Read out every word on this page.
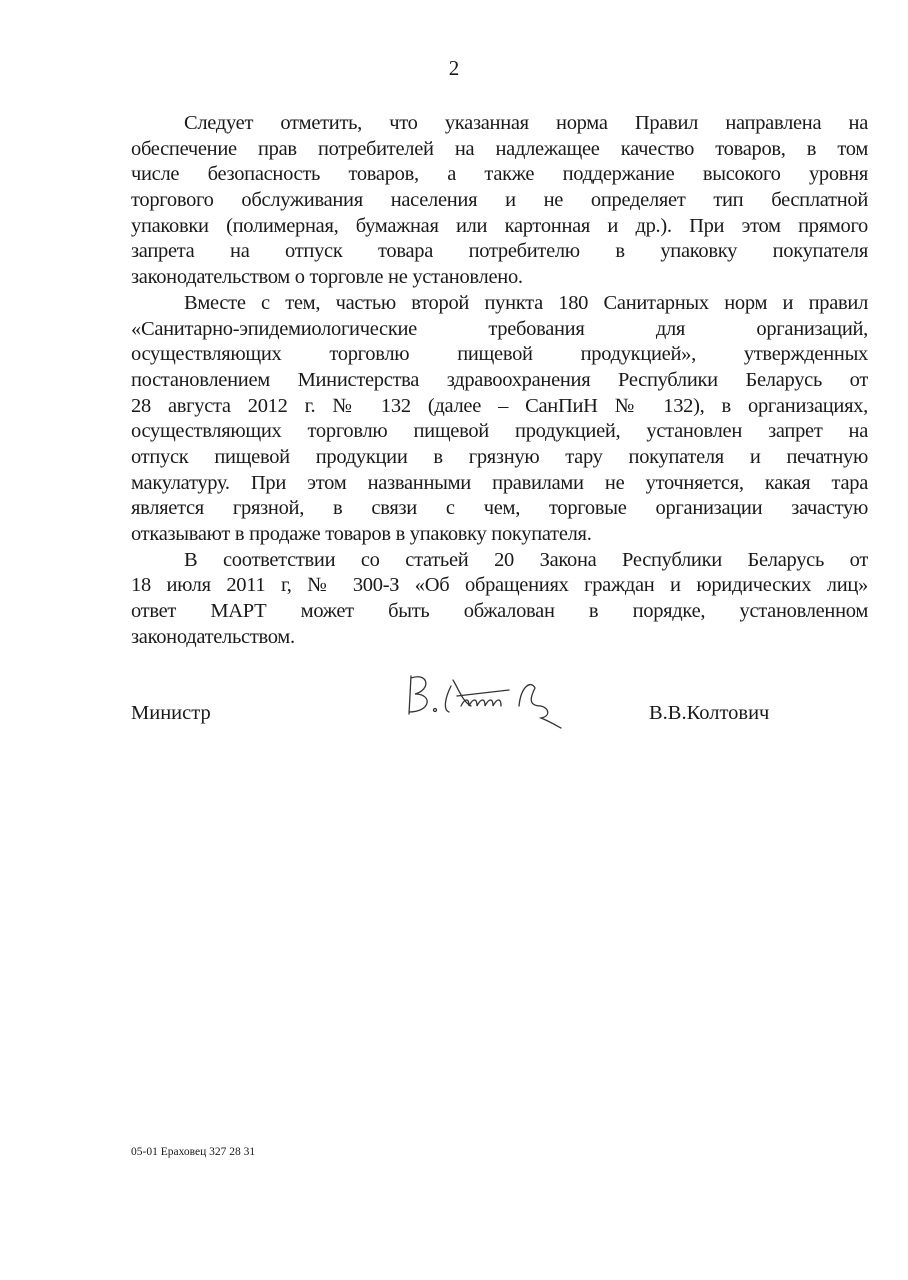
2
Следует отметить, что указанная норма Правил направлена на
обеспечение прав потребителей на надлежащее качество товаров, в том
числе безопасность товаров, а также поддержание высокого уровня
торгового обслуживания населения и не определяет тип бесплатной
упаковки (полимерная, бумажная или картонная и др.). При этом прямого
запрета на отпуск товара потребителю в упаковку покупателя
законодательством о торговле не установлено.
Вместе с тем, частью второй пункта 180 Санитарных норм и правил
«Санитарно-эпидемиологические требования для организаций,
осуществляющих торговлю пищевой продукцией», утвержденных
постановлением Министерства здравоохранения Республики Беларусь от
28 августа 2012 г. № 132 (далее – СанПиН № 132), в организациях,
осуществляющих торговлю пищевой продукцией, установлен запрет на
отпуск пищевой продукции в грязную тару покупателя и печатную
макулатуру. При этом названными правилами не уточняется, какая тара
является грязной, в связи с чем, торговые организации зачастую
отказывают в продаже товаров в упаковку покупателя.
В соответствии со статьей 20 Закона Республики Беларусь от
18 июля 2011 г, № 300-З «Об обращениях граждан и юридических лиц»
ответ МАРТ может быть обжалован в порядке, установленном
законодательством.
Министр	В.В.Колтович
05-01 Ераховец 327 28 31
